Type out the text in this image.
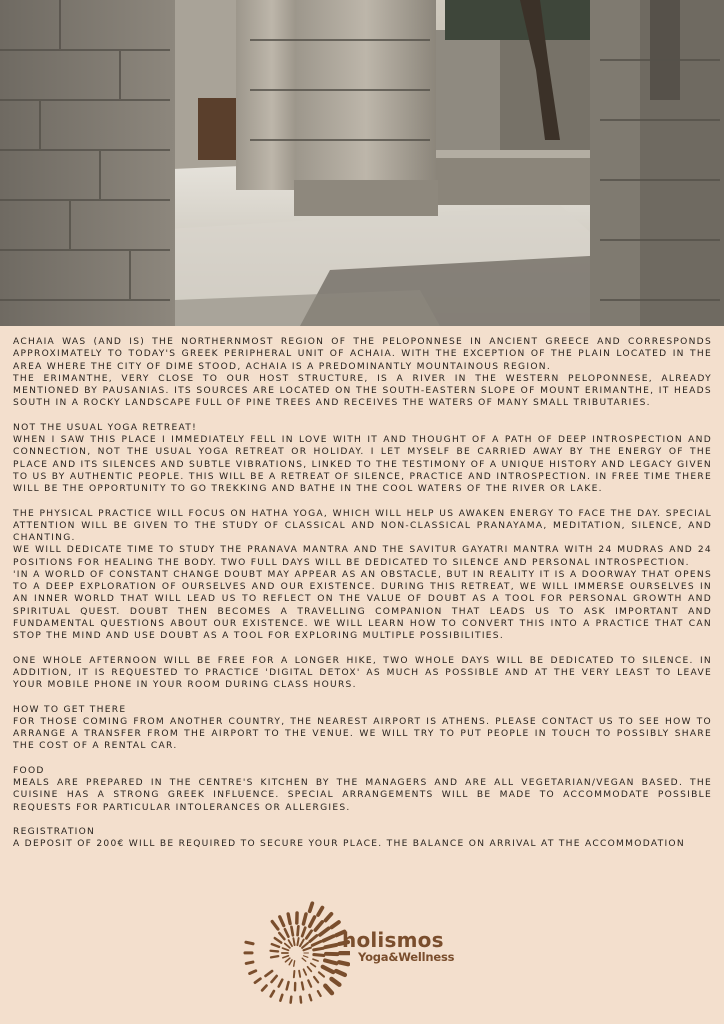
ACHAIA WAS (AND IS) THE NORTHERNMOST REGION OF THE PELOPONNESE IN ANCIENT GREECE AND CORRESPONDS APPROXIMATELY TO TODAY'S GREEK PERIPHERAL UNIT OF ACHAIA. WITH THE EXCEPTION OF THE PLAIN LOCATED IN THE AREA WHERE THE CITY OF DIME STOOD, ACHAIA IS A PREDOMINANTLY MOUNTAINOUS REGION.

THE ERIMANTHE, VERY CLOSE TO OUR HOST STRUCTURE, IS A RIVER IN THE WESTERN PELOPONNESE, ALREADY MENTIONED BY PAUSANIAS. ITS SOURCES ARE LOCATED ON THE SOUTH-EASTERN SLOPE OF MOUNT ERIMANTHE, IT HEADS SOUTH IN A ROCKY LANDSCAPE FULL OF PINE TREES AND RECEIVES THE WATERS OF MANY SMALL TRIBUTARIES.

NOT THE USUAL YOGA RETREAT!

WHEN I SAW THIS PLACE I IMMEDIATELY FELL IN LOVE WITH IT AND THOUGHT OF A PATH OF DEEP INTROSPECTION AND CONNECTION, NOT THE USUAL YOGA RETREAT OR HOLIDAY. I LET MYSELF BE CARRIED AWAY BY THE ENERGY OF THE PLACE AND ITS SILENCES AND SUBTLE VIBRATIONS, LINKED TO THE TESTIMONY OF A UNIQUE HISTORY AND LEGACY GIVEN TO US BY AUTHENTIC PEOPLE. THIS WILL BE A RETREAT OF SILENCE, PRACTICE AND INTROSPECTION. IN FREE TIME THERE WILL BE THE OPPORTUNITY TO GO TREKKING AND BATHE IN THE COOL WATERS OF THE RIVER OR LAKE.

THE PHYSICAL PRACTICE WILL FOCUS ON HATHA YOGA, WHICH WILL HELP US AWAKEN ENERGY TO FACE THE DAY. SPECIAL ATTENTION WILL BE GIVEN TO THE STUDY OF CLASSICAL AND NON-CLASSICAL PRANAYAMA, MEDITATION, SILENCE, AND CHANTING.

WE WILL DEDICATE TIME TO STUDY THE PRANAVA MANTRA AND THE SAVITUR GAYATRI MANTRA WITH 24 MUDRAS AND 24 POSITIONS FOR HEALING THE BODY. TWO FULL DAYS WILL BE DEDICATED TO SILENCE AND PERSONAL INTROSPECTION.

'IN A WORLD OF CONSTANT CHANGE DOUBT MAY APPEAR AS AN OBSTACLE, BUT IN REALITY IT IS A DOORWAY THAT OPENS TO A DEEP EXPLORATION OF OURSELVES AND OUR EXISTENCE. DURING THIS RETREAT, WE WILL IMMERSE OURSELVES IN AN INNER WORLD THAT WILL LEAD US TO REFLECT ON THE VALUE OF DOUBT AS A TOOL FOR PERSONAL GROWTH AND SPIRITUAL QUEST. DOUBT THEN BECOMES A TRAVELLING COMPANION THAT LEADS US TO ASK IMPORTANT AND FUNDAMENTAL QUESTIONS ABOUT OUR EXISTENCE. WE WILL LEARN HOW TO CONVERT THIS INTO A PRACTICE THAT CAN STOP THE MIND AND USE DOUBT AS A TOOL FOR EXPLORING MULTIPLE POSSIBILITIES.

ONE WHOLE AFTERNOON WILL BE FREE FOR A LONGER HIKE, TWO WHOLE DAYS WILL BE DEDICATED TO SILENCE. IN ADDITION, IT IS REQUESTED TO PRACTICE 'DIGITAL DETOX' AS MUCH AS POSSIBLE AND AT THE VERY LEAST TO LEAVE YOUR MOBILE PHONE IN YOUR ROOM DURING CLASS HOURS.

HOW TO GET THERE

FOR THOSE COMING FROM ANOTHER COUNTRY, THE NEAREST AIRPORT IS ATHENS. PLEASE CONTACT US TO SEE HOW TO ARRANGE A TRANSFER FROM THE AIRPORT TO THE VENUE. WE WILL TRY TO PUT PEOPLE IN TOUCH TO POSSIBLY SHARE THE COST OF A RENTAL CAR.

FOOD

MEALS ARE PREPARED IN THE CENTRE'S KITCHEN BY THE MANAGERS AND ARE ALL VEGETARIAN/VEGAN BASED. THE CUISINE HAS A STRONG GREEK INFLUENCE. SPECIAL ARRANGEMENTS WILL BE MADE TO ACCOMMODATE POSSIBLE REQUESTS FOR PARTICULAR INTOLERANCES OR ALLERGIES.

REGISTRATION

A DEPOSIT OF 200€ WILL BE REQUIRED TO SECURE YOUR PLACE. THE BALANCE ON ARRIVAL AT THE ACCOMMODATION

holismos
Yoga&Wellness
